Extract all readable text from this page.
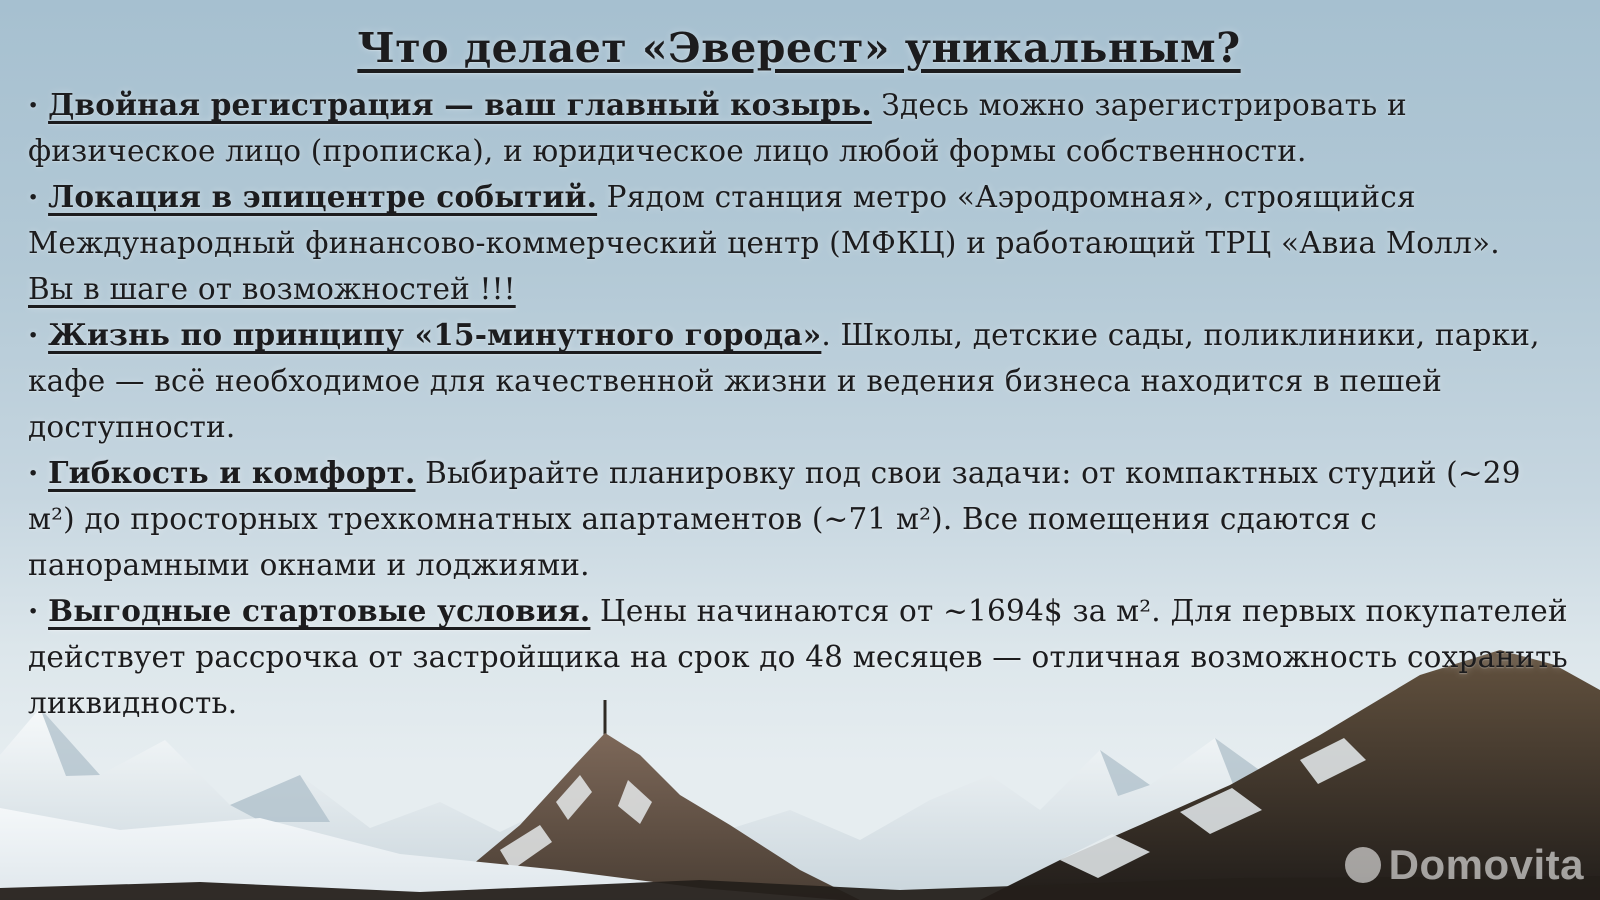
Что делает «Эверест» уникальным?

· Двойная регистрация — ваш главный козырь. Здесь можно зарегистрировать и физическое лицо (прописка), и юридическое лицо любой формы собственности.

· Локация в эпицентре событий. Рядом станция метро «Аэродромная», строящийся Международный финансово-коммерческий центр (МФКЦ) и работающий ТРЦ «Авиа Молл».
Вы в шаге от возможностей !!!

· Жизнь по принципу «15-минутного города». Школы, детские сады, поликлиники, парки, кафе — всё необходимое для качественной жизни и ведения бизнеса находится в пешей доступности.

· Гибкость и комфорт. Выбирайте планировку под свои задачи: от компактных студий (~29 м²) до просторных трехкомнатных апартаментов (~71 м²). Все помещения сдаются с панорамными окнами и лоджиями.

· Выгодные стартовые условия. Цены начинаются от ~1694$ за м². Для первых покупателей действует рассрочка от застройщика на срок до 48 месяцев — отличная возможность сохранить ликвидность.

Domovita
